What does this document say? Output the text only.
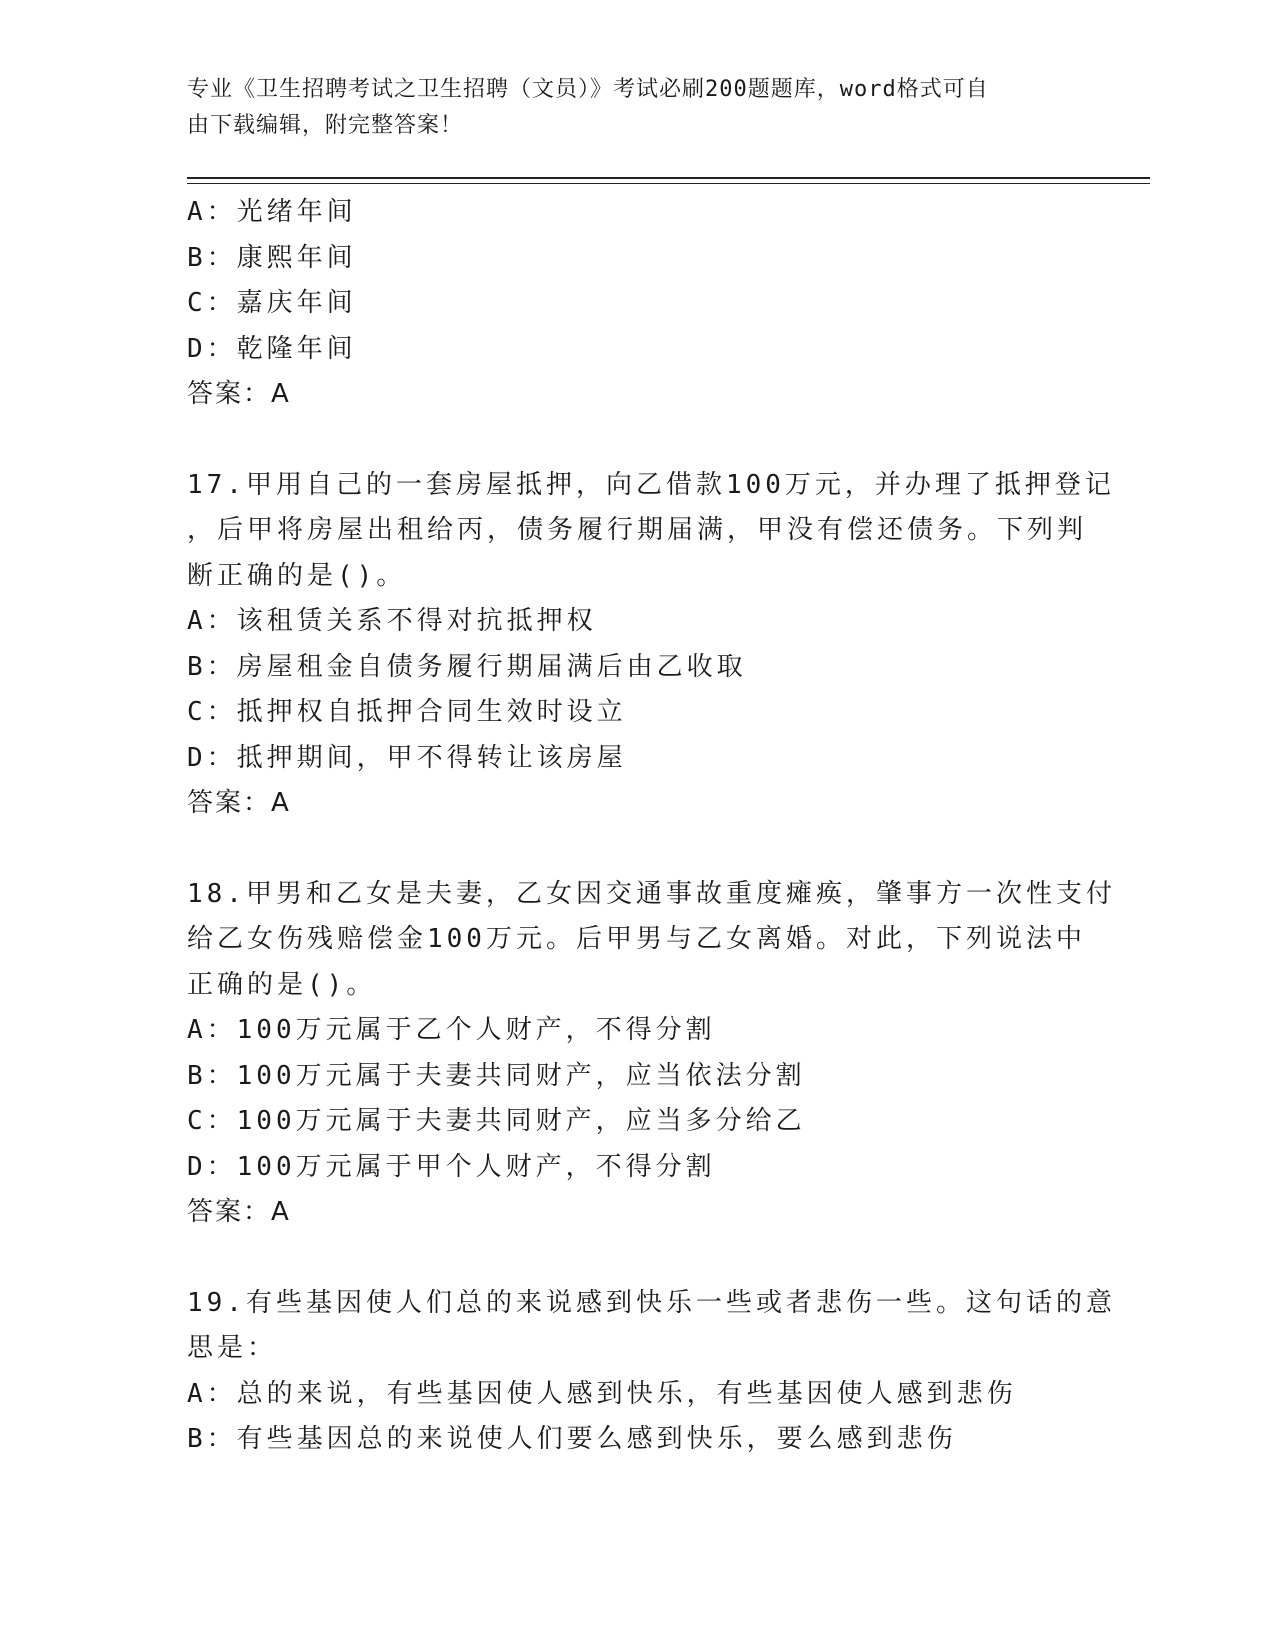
专业《卫生招聘考试之卫生招聘（文员）》考试必刷200题题库，word格式可自
由下载编辑，附完整答案！
A：光绪年间
B：康熙年间
C：嘉庆年间
D：乾隆年间
答案：A
17.甲用自己的一套房屋抵押，向乙借款100万元，并办理了抵押登记
，后甲将房屋出租给丙，债务履行期届满，甲没有偿还债务。下列判
断正确的是()。
A：该租赁关系不得对抗抵押权
B：房屋租金自债务履行期届满后由乙收取
C：抵押权自抵押合同生效时设立
D：抵押期间，甲不得转让该房屋
答案：A
18.甲男和乙女是夫妻，乙女因交通事故重度瘫痪，肇事方一次性支付
给乙女伤残赔偿金100万元。后甲男与乙女离婚。对此，下列说法中
正确的是()。
A：100万元属于乙个人财产，不得分割
B：100万元属于夫妻共同财产，应当依法分割
C：100万元属于夫妻共同财产，应当多分给乙
D：100万元属于甲个人财产，不得分割
答案：A
19.有些基因使人们总的来说感到快乐一些或者悲伤一些。这句话的意
思是：
A：总的来说，有些基因使人感到快乐，有些基因使人感到悲伤
B：有些基因总的来说使人们要么感到快乐，要么感到悲伤
